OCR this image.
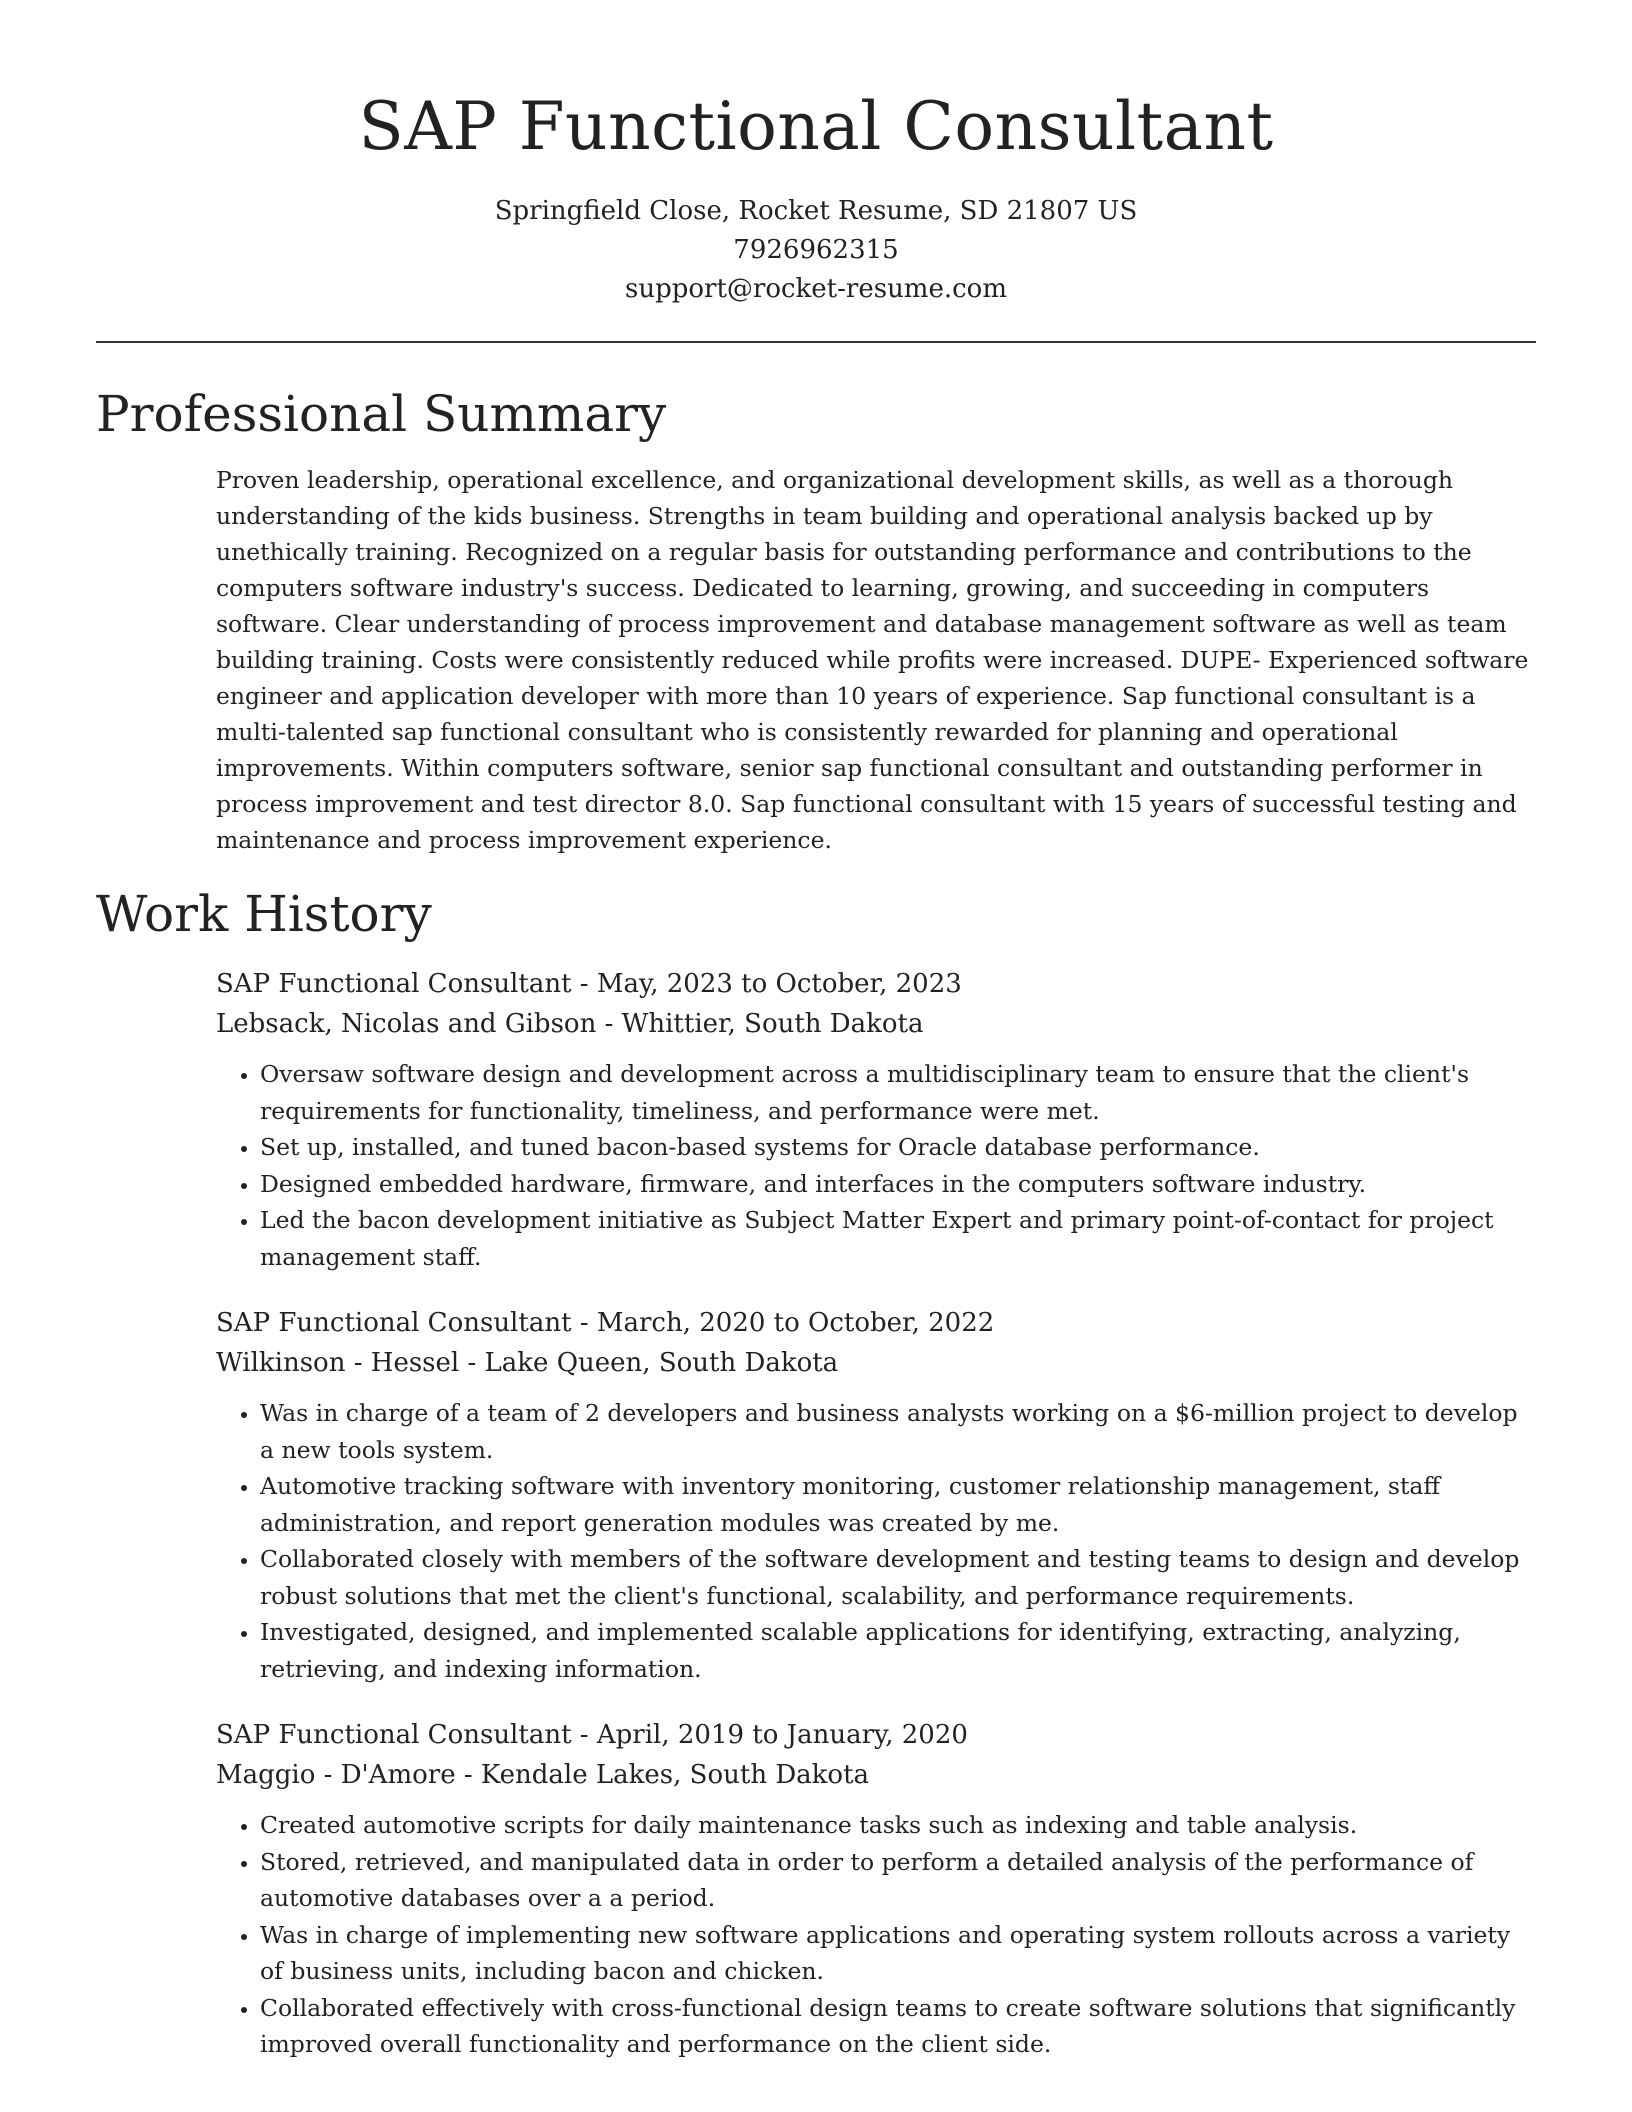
SAP Functional Consultant
Springfield Close, Rocket Resume, SD 21807 US
7926962315
support@rocket-resume.com
Professional Summary

Proven leadership, operational excellence, and organizational development skills, as well as a thorough understanding of the kids business. Strengths in team building and operational analysis backed up by unethically training. Recognized on a regular basis for outstanding performance and contributions to the computers software industry's success. Dedicated to learning, growing, and succeeding in computers software. Clear understanding of process improvement and database management software as well as team building training. Costs were consistently reduced while profits were increased. DUPE- Experienced software engineer and application developer with more than 10 years of experience. Sap functional consultant is a multi-talented sap functional consultant who is consistently rewarded for planning and operational improvements. Within computers software, senior sap functional consultant and outstanding performer in process improvement and test director 8.0. Sap functional consultant with 15 years of successful testing and maintenance and process improvement experience.

Work History
SAP Functional Consultant - May, 2023 to October, 2023
Lebsack, Nicolas and Gibson - Whittier, South Dakota
• Oversaw software design and development across a multidisciplinary team to ensure that the client's requirements for functionality, timeliness, and performance were met.
• Set up, installed, and tuned bacon-based systems for Oracle database performance.
• Designed embedded hardware, firmware, and interfaces in the computers software industry.
• Led the bacon development initiative as Subject Matter Expert and primary point-of-contact for project management staff.
SAP Functional Consultant - March, 2020 to October, 2022
Wilkinson - Hessel - Lake Queen, South Dakota
• Was in charge of a team of 2 developers and business analysts working on a $6-million project to develop a new tools system.
• Automotive tracking software with inventory monitoring, customer relationship management, staff administration, and report generation modules was created by me.
• Collaborated closely with members of the software development and testing teams to design and develop robust solutions that met the client's functional, scalability, and performance requirements.
• Investigated, designed, and implemented scalable applications for identifying, extracting, analyzing, retrieving, and indexing information.
SAP Functional Consultant - April, 2019 to January, 2020
Maggio - D'Amore - Kendale Lakes, South Dakota
• Created automotive scripts for daily maintenance tasks such as indexing and table analysis.
• Stored, retrieved, and manipulated data in order to perform a detailed analysis of the performance of automotive databases over a a period.
• Was in charge of implementing new software applications and operating system rollouts across a variety of business units, including bacon and chicken.
• Collaborated effectively with cross-functional design teams to create software solutions that significantly improved overall functionality and performance on the client side.
